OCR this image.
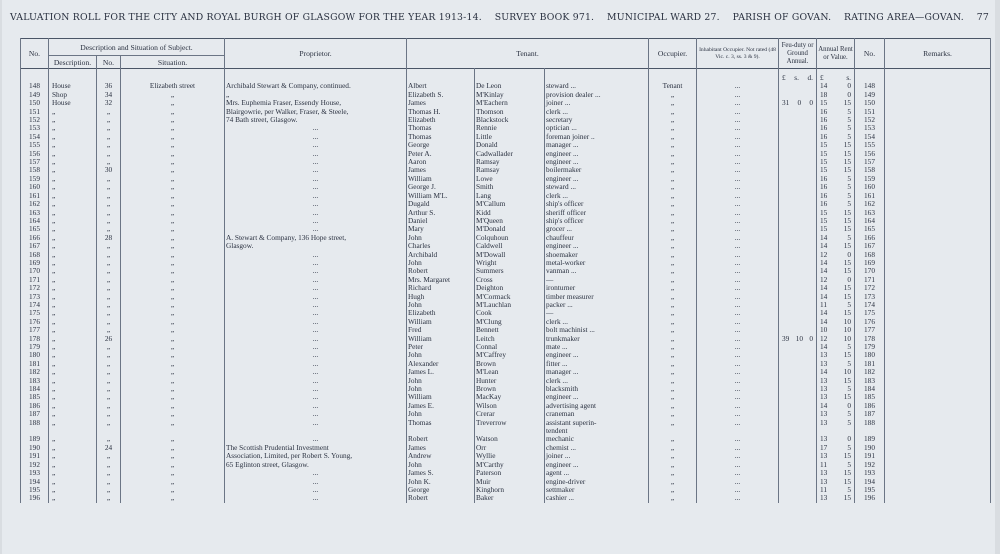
VALUATION ROLL FOR THE CITY AND ROYAL BURGH OF GLASGOW FOR THE YEAR 1913-14. SURVEY BOOK 971. MUNICIPAL WARD 27. PARISH OF GOVAN. RATING AREA—GOVAN. 77
No.	Description and Situation of Subject.			Proprietor.	Tenant.			Occupier.	Inhabitant Occupier. Not rated (48 Vic. c. 3, ss. 3 & 9).	Feu-duty or Ground Annual.	Annual Rent or Value.	No.	Remarks.
	Description.	No.	Situation.										

										£ s. d.	£ s.		

148	House	36	Elizabeth street	Archibald Stewart & Company, continued.	Albert	De Leon	steward ...	Tenant	...		14 0	148	
149	Shop	34	„	„	Elizabeth S.	M'Kinlay	provision dealer ...	„	...		18 0	149	
150	House	32	„	Mrs. Euphemia Fraser, Essendy House,	James	M'Eachern	joiner ...	„	...	31 0 0	15 15	150	
151	„	„	„	Blairgowrie, per Walker, Fraser, & Steele,	Thomas H.	Thomson	clerk ...	„	...		16 5	151	
152	„	„	„	74 Bath street, Glasgow.	Elizabeth	Blackstock	secretary	„	...		16 5	152	
153	„	„	„	...	Thomas	Rennie	optician ...	„	...		16 5	153	
154	„	„	„	...	Thomas	Little	foreman joiner ..	„	...		16 5	154	
155	„	„	„	...	George	Donald	manager ...	„	...		15 15	155	
156	„	„	„	...	Peter A.	Cadwallader	engineer ...	„	...		15 15	156	
157	„	„	„	...	Aaron	Ramsay	engineer ...	„	...		15 15	157	
158	„	30	„	...	James	Ramsay	boilermaker	„	...		15 15	158	
159	„	„	„	...	William	Lowe	engineer ...	„	...		16 5	159	
160	„	„	„	...	George J.	Smith	steward ...	„	...		16 5	160	
161	„	„	„	...	William M'L.	Lang	clerk ...	„	...		16 5	161	
162	„	„	„	...	Dugald	M'Callum	ship's officer	„	...		16 5	162	
163	„	„	„	...	Arthur S.	Kidd	sheriff officer	„	...		15 15	163	
164	„	„	„	...	Daniel	M'Queen	ship's officer	„	...		15 15	164	
165	„	„	„	...	Mary	M'Donald	grocer ...	„	...		15 15	165	
166	„	28	„	A. Stewart & Company, 136 Hope street,	John	Colquhoun	chauffeur	„	...		14 5	166	
167	„	„	„	Glasgow.	Charles	Caldwell	engineer ...	„	...		14 15	167	
168	„	„	„	...	Archibald	M'Dowall	shoemaker	„	...		12 0	168	
169	„	„	„	...	John	Wright	metal-worker	„	...		14 15	169	
170	„	„	„	...	Robert	Summers	vanman ...	„	...		14 15	170	
171	„	„	„	...	Mrs. Margaret	Cross	—	„	...		12 0	171	
172	„	„	„	...	Richard	Deighton	ironturner	„	...		14 15	172	
173	„	„	„	...	Hugh	M'Cormack	timber measurer	„	...		14 15	173	
174	„	„	„	...	John	M'Lauchlan	packer ...	„	...		11 5	174	
175	„	„	„	...	Elizabeth	Cook	—	„	...		14 15	175	
176	„	„	„	...	William	M'Clung	clerk ...	„	...		14 10	176	
177	„	„	„	...	Fred	Bennett	bolt machinist ...	„	...		10 10	177	
178	„	26	„	...	William	Leitch	trunkmaker	„	...	39 10 0	12 10	178	
179	„	„	„	...	Peter	Connal	mate ...	„	...		14 5	179	
180	„	„	„	...	John	M'Caffrey	engineer ...	„	...		13 15	180	
181	„	„	„	...	Alexander	Brown	fitter ...	„	...		13 5	181	
182	„	„	„	...	James L.	M'Lean	manager ...	„	...		14 10	182	
183	„	„	„	...	John	Hunter	clerk ...	„	...		13 15	183	
184	„	„	„	...	John	Brown	blacksmith	„	...		13 5	184	
185	„	„	„	...	William	MacKay	engineer ...	„	...		13 15	185	
186	„	„	„	...	James E.	Wilson	advertising agent	„	...		14 0	186	
187	„	„	„	...	John	Crerar	craneman	„	...		13 5	187	
188	„	„	„	...	Thomas	Treverrow	assistant superin-	„	...		13 5	188	
							tendent			

189	„	„	„	...	Robert	Watson	mechanic	„	...		13 0	189	
190	„	24	„	The Scottish Prudential Investment	James	Orr	chemist ...	„	...		17 5	190	
191	„	„	„	Association, Limited, per Robert S. Young,	Andrew	Wyllie	joiner ...	„	...		13 15	191	
192	„	„	„	65 Eglinton street, Glasgow.	John	M'Carthy	engineer ...	„	...		11 5	192	
193	„	„	„	...	James S.	Paterson	agent ...	„	...		13 15	193	
194	„	„	„	...	John K.	Muir	engine-driver	„	...		13 15	194	
195	„	„	„	...	George	Kinghorn	settmaker	„	...		11 5	195	
196	„	„	„	...	Robert	Baker	cashier ...	„	...		13 15	196	
